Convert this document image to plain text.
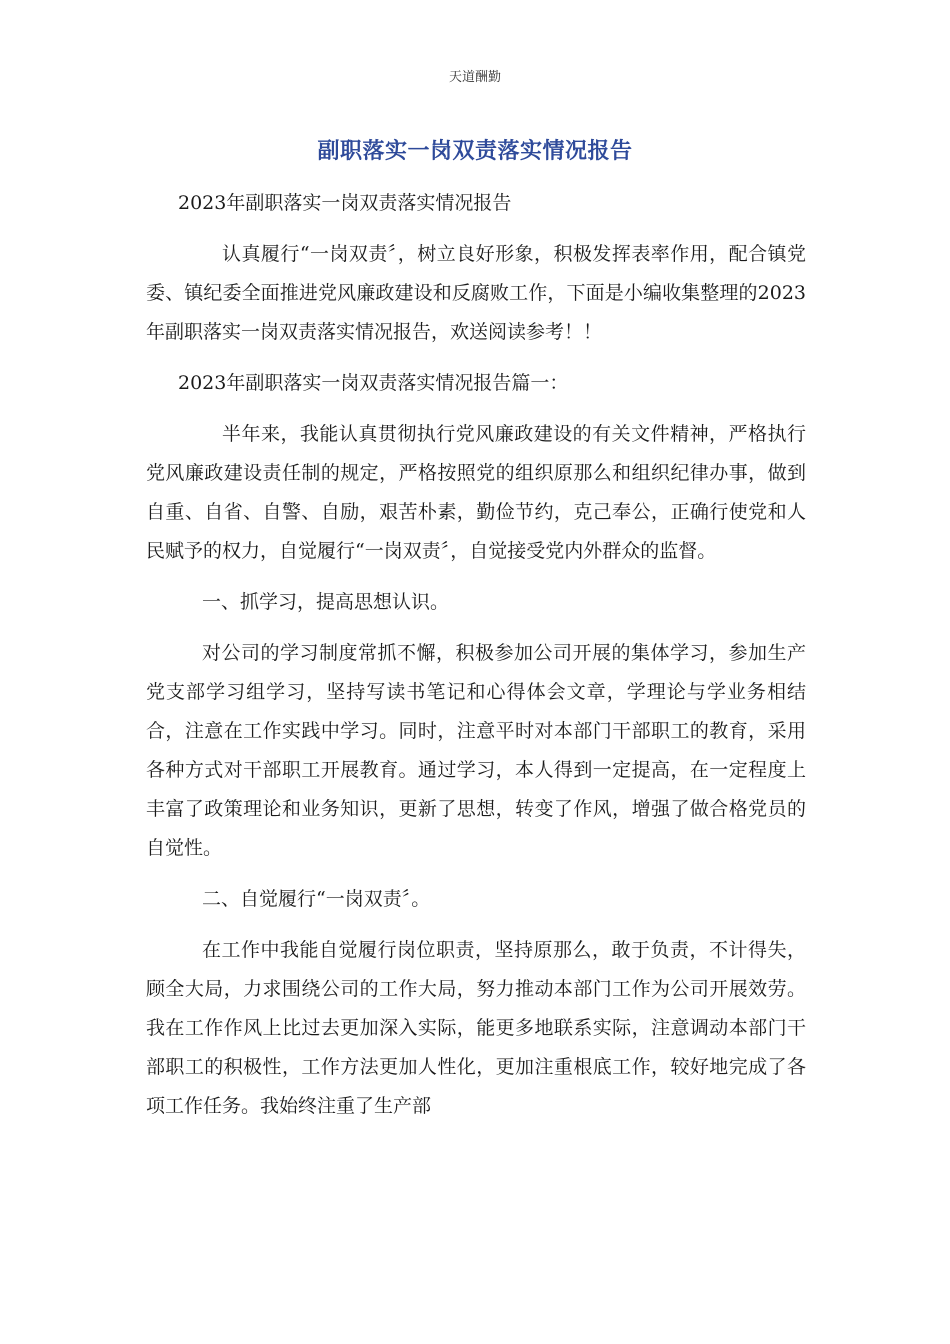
天道酬勤
副职落实一岗双责落实情况报告

2023年副职落实一岗双责落实情况报告

认真履行“一岗双责〞，树立良好形象，积极发挥表率作用，配合镇党委、镇纪委全面推进党风廉政建设和反腐败工作，下面是小编收集整理的2023年副职落实一岗双责落实情况报告，欢送阅读参考！！

2023年副职落实一岗双责落实情况报告篇一：

半年来，我能认真贯彻执行党风廉政建设的有关文件精神，严格执行党风廉政建设责任制的规定，严格按照党的组织原那么和组织纪律办事，做到自重、自省、自警、自励，艰苦朴素，勤俭节约，克己奉公，正确行使党和人民赋予的权力，自觉履行“一岗双责〞，自觉接受党内外群众的监督。

一、抓学习，提高思想认识。

对公司的学习制度常抓不懈，积极参加公司开展的集体学习，参加生产党支部学习组学习，坚持写读书笔记和心得体会文章，学理论与学业务相结合，注意在工作实践中学习。同时，注意平时对本部门干部职工的教育，采用各种方式对干部职工开展教育。通过学习，本人得到一定提高，在一定程度上丰富了政策理论和业务知识，更新了思想，转变了作风，增强了做合格党员的自觉性。

二、自觉履行“一岗双责〞。

在工作中我能自觉履行岗位职责，坚持原那么，敢于负责，不计得失，顾全大局，力求围绕公司的工作大局，努力推动本部门工作为公司开展效劳。我在工作作风上比过去更加深入实际，能更多地联系实际，注意调动本部门干部职工的积极性，工作方法更加人性化，更加注重根底工作，较好地完成了各项工作任务。我始终注重了生产部
